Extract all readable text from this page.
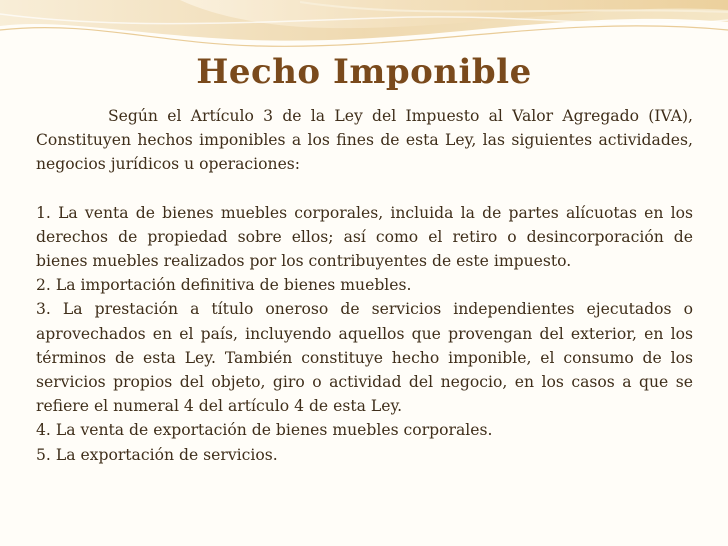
Hecho Imponible

Según el Artículo 3 de la Ley del Impuesto al Valor Agregado (IVA), Constituyen hechos imponibles a los fines de esta Ley, las siguientes actividades, negocios jurídicos u operaciones:

1. La venta de bienes muebles corporales, incluida la de partes alícuotas en los derechos de propiedad sobre ellos; así como el retiro o desincorporación de bienes muebles realizados por los contribuyentes de este impuesto.

2. La importación definitiva de bienes muebles.

3. La prestación a título oneroso de servicios independientes ejecutados o aprovechados en el país, incluyendo aquellos que provengan del exterior, en los términos de esta Ley. También constituye hecho imponible, el consumo de los servicios propios del objeto, giro o actividad del negocio, en los casos a que se refiere el numeral 4 del artículo 4 de esta Ley.

4. La venta de exportación de bienes muebles corporales.

5. La exportación de servicios.
